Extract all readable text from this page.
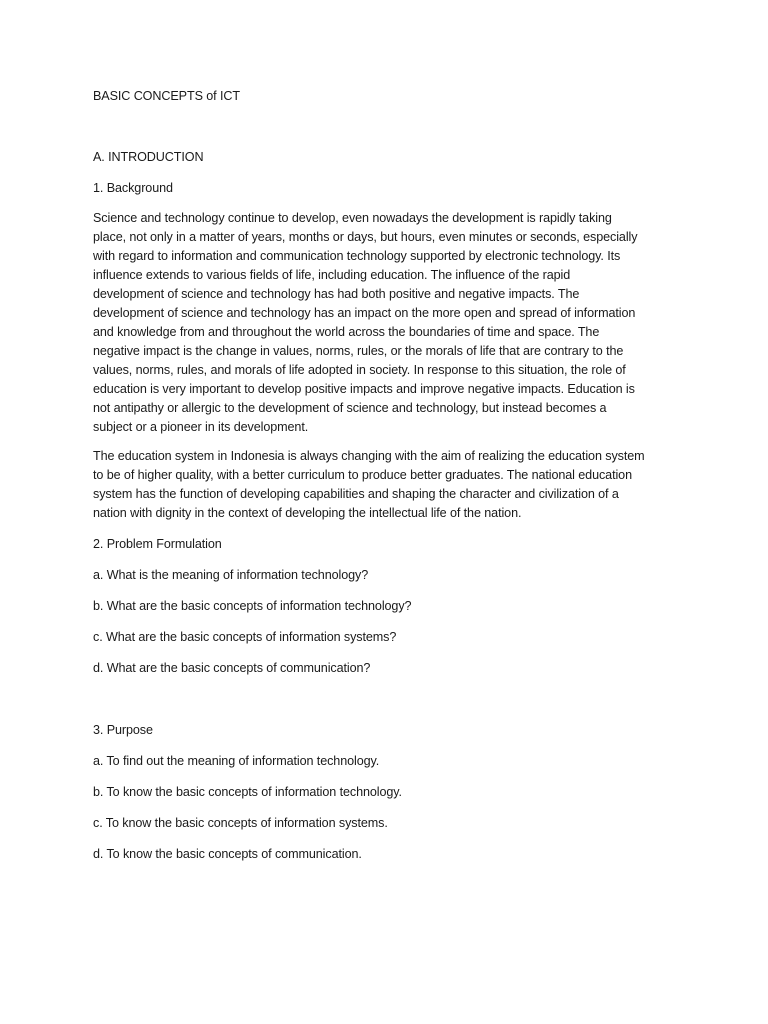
BASIC CONCEPTS of ICT

A. INTRODUCTION

1. Background

Science and technology continue to develop, even nowadays the development is rapidly taking
place, not only in a matter of years, months or days, but hours, even minutes or seconds, especially
with regard to information and communication technology supported by electronic technology. Its
influence extends to various fields of life, including education. The influence of the rapid
development of science and technology has had both positive and negative impacts. The
development of science and technology has an impact on the more open and spread of information
and knowledge from and throughout the world across the boundaries of time and space. The
negative impact is the change in values, norms, rules, or the morals of life that are contrary to the
values, norms, rules, and morals of life adopted in society. In response to this situation, the role of
education is very important to develop positive impacts and improve negative impacts. Education is
not antipathy or allergic to the development of science and technology, but instead becomes a
subject or a pioneer in its development.
The education system in Indonesia is always changing with the aim of realizing the education system
to be of higher quality, with a better curriculum to produce better graduates. The national education
system has the function of developing capabilities and shaping the character and civilization of a
nation with dignity in the context of developing the intellectual life of the nation.

2. Problem Formulation

a. What is the meaning of information technology?

b. What are the basic concepts of information technology?

c. What are the basic concepts of information systems?

d. What are the basic concepts of communication?

3. Purpose

a. To find out the meaning of information technology.

b. To know the basic concepts of information technology.

c. To know the basic concepts of information systems.

d. To know the basic concepts of communication.
